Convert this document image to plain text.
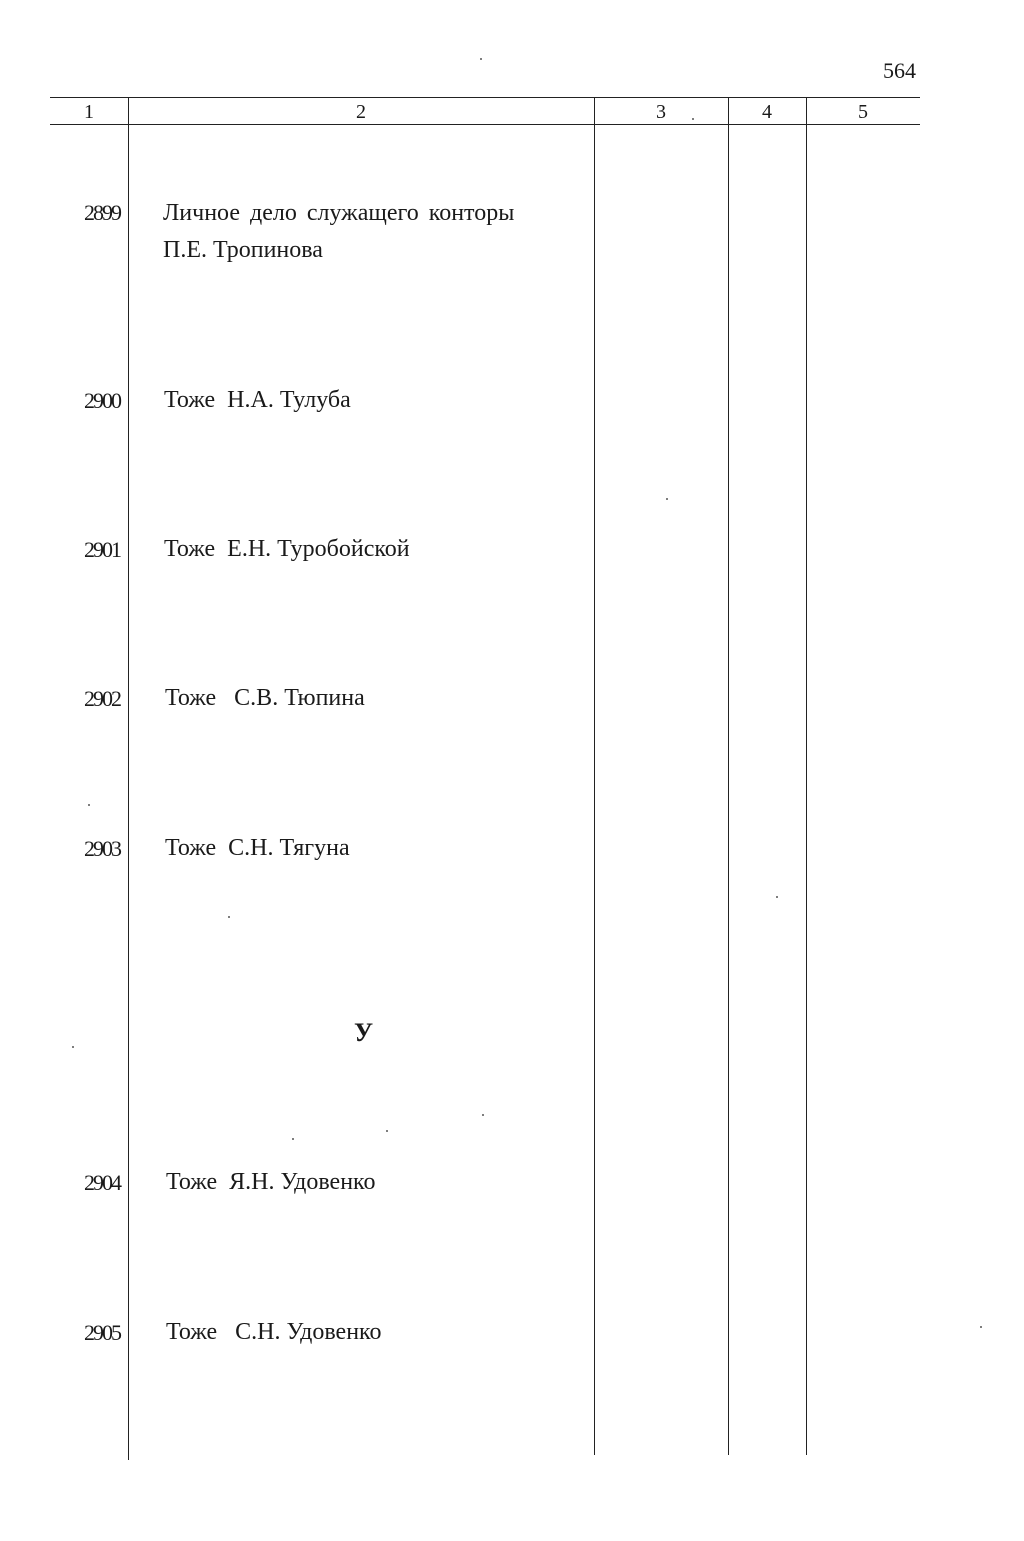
564
1	2	3	4	5
2899 Личное дело служащего конторы
П.Е. Тропинова
2900 Тоже  Н.А. Тулуба
2901 Тоже  Е.Н. Туробойской
2902 Тоже   С.В. Тюпина
2903 Тоже  С.Н. Тягуна
У
2904 Тоже  Я.Н. Удовенко
2905 Тоже   С.Н. Удовенко
